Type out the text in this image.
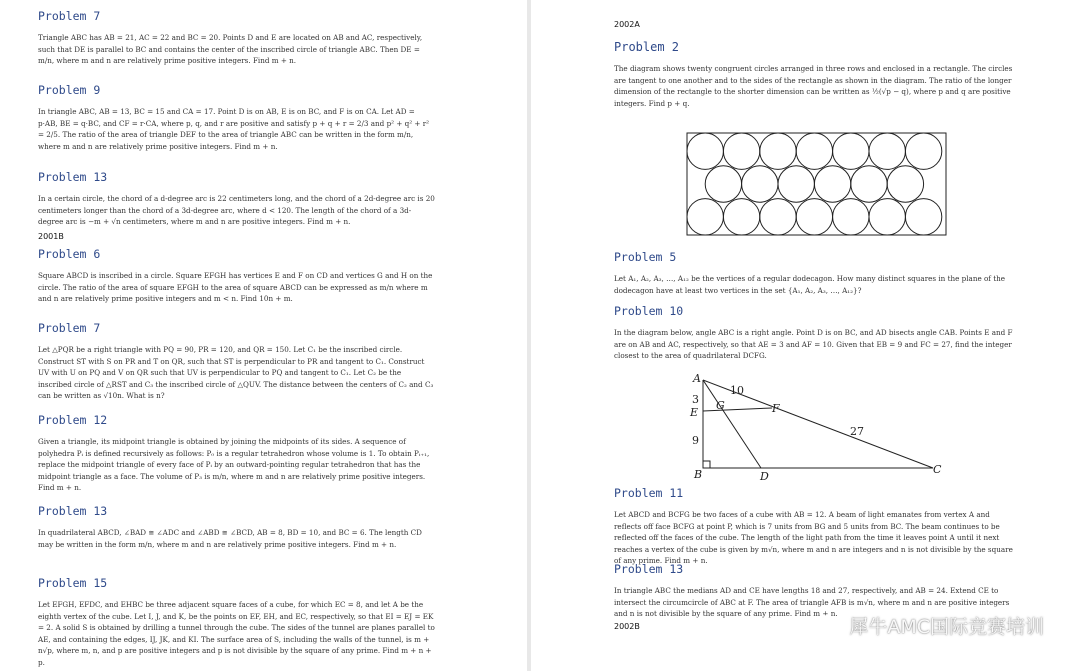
Problem 7

Triangle ABC has AB = 21, AC = 22 and BC = 20. Points D and E are located on AB and AC, respectively, such that DE is parallel to BC and contains the center of the inscribed circle of triangle ABC. Then DE = m/n, where m and n are relatively prime positive integers. Find m + n.

Problem 9

In triangle ABC, AB = 13, BC = 15 and CA = 17. Point D is on AB, E is on BC, and F is on CA. Let AD = p·AB, BE = q·BC, and CF = r·CA, where p, q, and r are positive and satisfy p + q + r = 2/3 and p² + q² + r² = 2/5. The ratio of the area of triangle DEF to the area of triangle ABC can be written in the form m/n, where m and n are relatively prime positive integers. Find m + n.

Problem 13

In a certain circle, the chord of a d-degree arc is 22 centimeters long, and the chord of a 2d-degree arc is 20 centimeters longer than the chord of a 3d-degree arc, where d < 120. The length of the chord of a 3d-degree arc is −m + √n centimeters, where m and n are positive integers. Find m + n.

2001B
Problem 6

Square ABCD is inscribed in a circle. Square EFGH has vertices E and F on CD and vertices G and H on the circle. The ratio of the area of square EFGH to the area of square ABCD can be expressed as m/n where m and n are relatively prime positive integers and m < n. Find 10n + m.

Problem 7

Let △PQR be a right triangle with PQ = 90, PR = 120, and QR = 150. Let C₁ be the inscribed circle. Construct ST with S on PR and T on QR, such that ST is perpendicular to PR and tangent to C₁. Construct UV with U on PQ and V on QR such that UV is perpendicular to PQ and tangent to C₁. Let C₂ be the inscribed circle of △RST and C₃ the inscribed circle of △QUV. The distance between the centers of C₂ and C₃ can be written as √10n. What is n?

Problem 12

Given a triangle, its midpoint triangle is obtained by joining the midpoints of its sides. A sequence of polyhedra Pᵢ is defined recursively as follows: P₀ is a regular tetrahedron whose volume is 1. To obtain Pᵢ₊₁, replace the midpoint triangle of every face of Pᵢ by an outward-pointing regular tetrahedron that has the midpoint triangle as a face. The volume of P₃ is m/n, where m and n are relatively prime positive integers. Find m + n.

Problem 13

In quadrilateral ABCD, ∠BAD ≅ ∠ADC and ∠ABD ≅ ∠BCD, AB = 8, BD = 10, and BC = 6. The length CD may be written in the form m/n, where m and n are relatively prime positive integers. Find m + n.

Problem 15

Let EFGH, EFDC, and EHBC be three adjacent square faces of a cube, for which EC = 8, and let A be the eighth vertex of the cube. Let I, J, and K, be the points on EF, EH, and EC, respectively, so that EI = EJ = EK = 2. A solid S is obtained by drilling a tunnel through the cube. The sides of the tunnel are planes parallel to AE, and containing the edges, IJ, JK, and KI. The surface area of S, including the walls of the tunnel, is m + n√p, where m, n, and p are positive integers and p is not divisible by the square of any prime. Find m + n + p.

2002A
Problem 2

The diagram shows twenty congruent circles arranged in three rows and enclosed in a rectangle. The circles are tangent to one another and to the sides of the rectangle as shown in the diagram. The ratio of the longer dimension of the rectangle to the shorter dimension can be written as ½(√p − q), where p and q are positive integers. Find p + q.

Problem 5

Let A₁, A₂, A₃, …, A₁₂ be the vertices of a regular dodecagon. How many distinct squares in the plane of the dodecagon have at least two vertices in the set {A₁, A₂, A₃, …, A₁₂}?

Problem 10

In the diagram below, angle ABC is a right angle. Point D is on BC, and AD bisects angle CAB. Points E and F are on AB and AC, respectively, so that AE = 3 and AF = 10. Given that EB = 9 and FC = 27, find the integer closest to the area of quadrilateral DCFG.

A
B	C
D
E	F
G
3
10
9
27
Problem 11

Let ABCD and BCFG be two faces of a cube with AB = 12. A beam of light emanates from vertex A and reflects off face BCFG at point P, which is 7 units from BG and 5 units from BC. The beam continues to be reflected off the faces of the cube. The length of the light path from the time it leaves point A until it next reaches a vertex of the cube is given by m√n, where m and n are integers and n is not divisible by the square of any prime. Find m + n.

Problem 13

In triangle ABC the medians AD and CE have lengths 18 and 27, respectively, and AB = 24. Extend CE to intersect the circumcircle of ABC at F. The area of triangle AFB is m√n, where m and n are positive integers and n is not divisible by the square of any prime. Find m + n.

2002B	犀牛AMC国际竞赛培训
